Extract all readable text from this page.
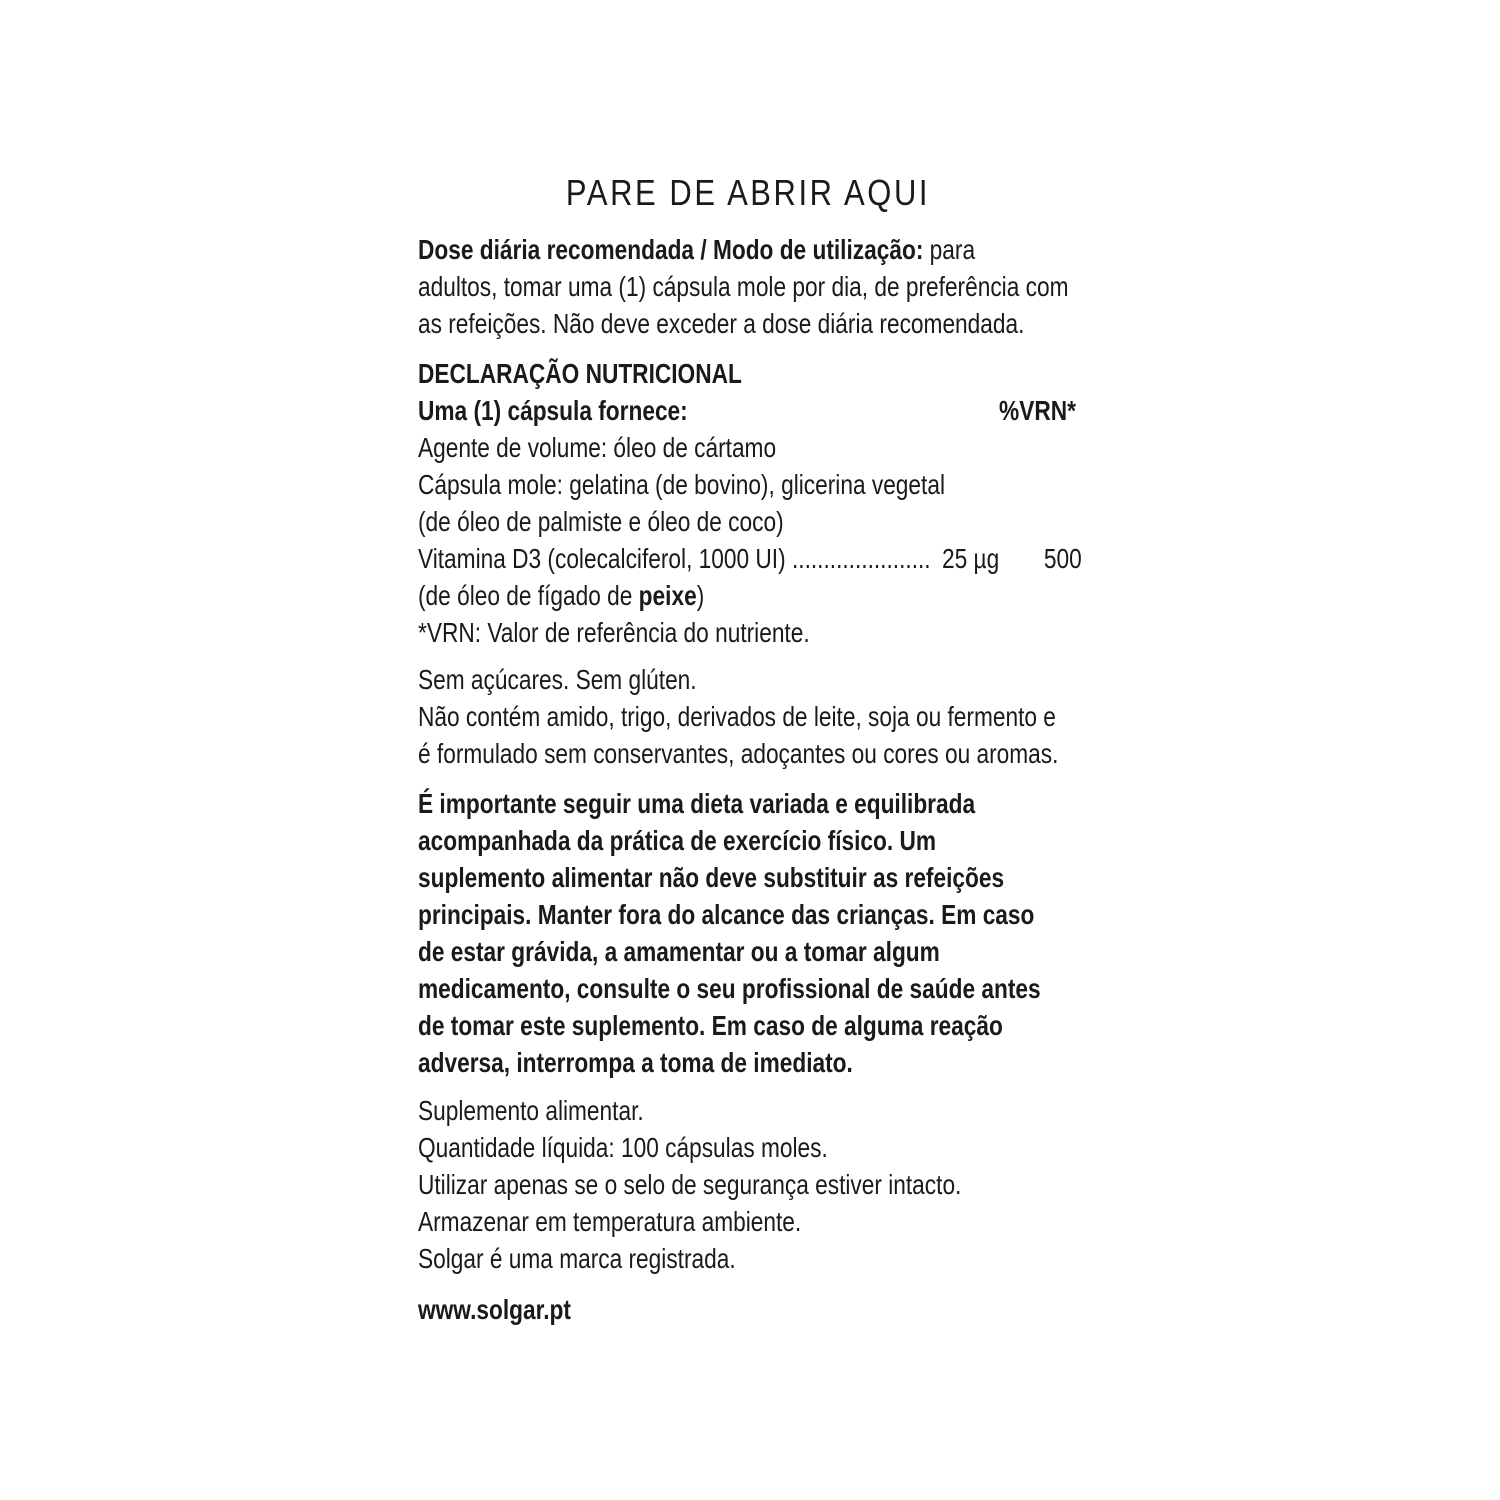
PARE DE ABRIR AQUI
Dose diária recomendada / Modo de utilização: para
adultos, tomar uma (1) cápsula mole por dia, de preferência com
as refeições. Não deve exceder a dose diária recomendada.
DECLARAÇÃO NUTRICIONAL
Uma (1) cápsula fornece:	%VRN*
Agente de volume: óleo de cártamo
Cápsula mole: gelatina (de bovino), glicerina vegetal
(de óleo de palmiste e óleo de coco)
Vitamina D3 (colecalciferol, 1000 UI) ...................... 25 µg 500
(de óleo de fígado de peixe)
*VRN: Valor de referência do nutriente.
Sem açúcares. Sem glúten.
Não contém amido, trigo, derivados de leite, soja ou fermento e
é formulado sem conservantes, adoçantes ou cores ou aromas.
É importante seguir uma dieta variada e equilibrada
acompanhada da prática de exercício físico. Um
suplemento alimentar não deve substituir as refeições
principais. Manter fora do alcance das crianças. Em caso
de estar grávida, a amamentar ou a tomar algum
medicamento, consulte o seu profissional de saúde antes
de tomar este suplemento. Em caso de alguma reação
adversa, interrompa a toma de imediato.
Suplemento alimentar.
Quantidade líquida: 100 cápsulas moles.
Utilizar apenas se o selo de segurança estiver intacto.
Armazenar em temperatura ambiente.
Solgar é uma marca registrada.
www.solgar.pt
